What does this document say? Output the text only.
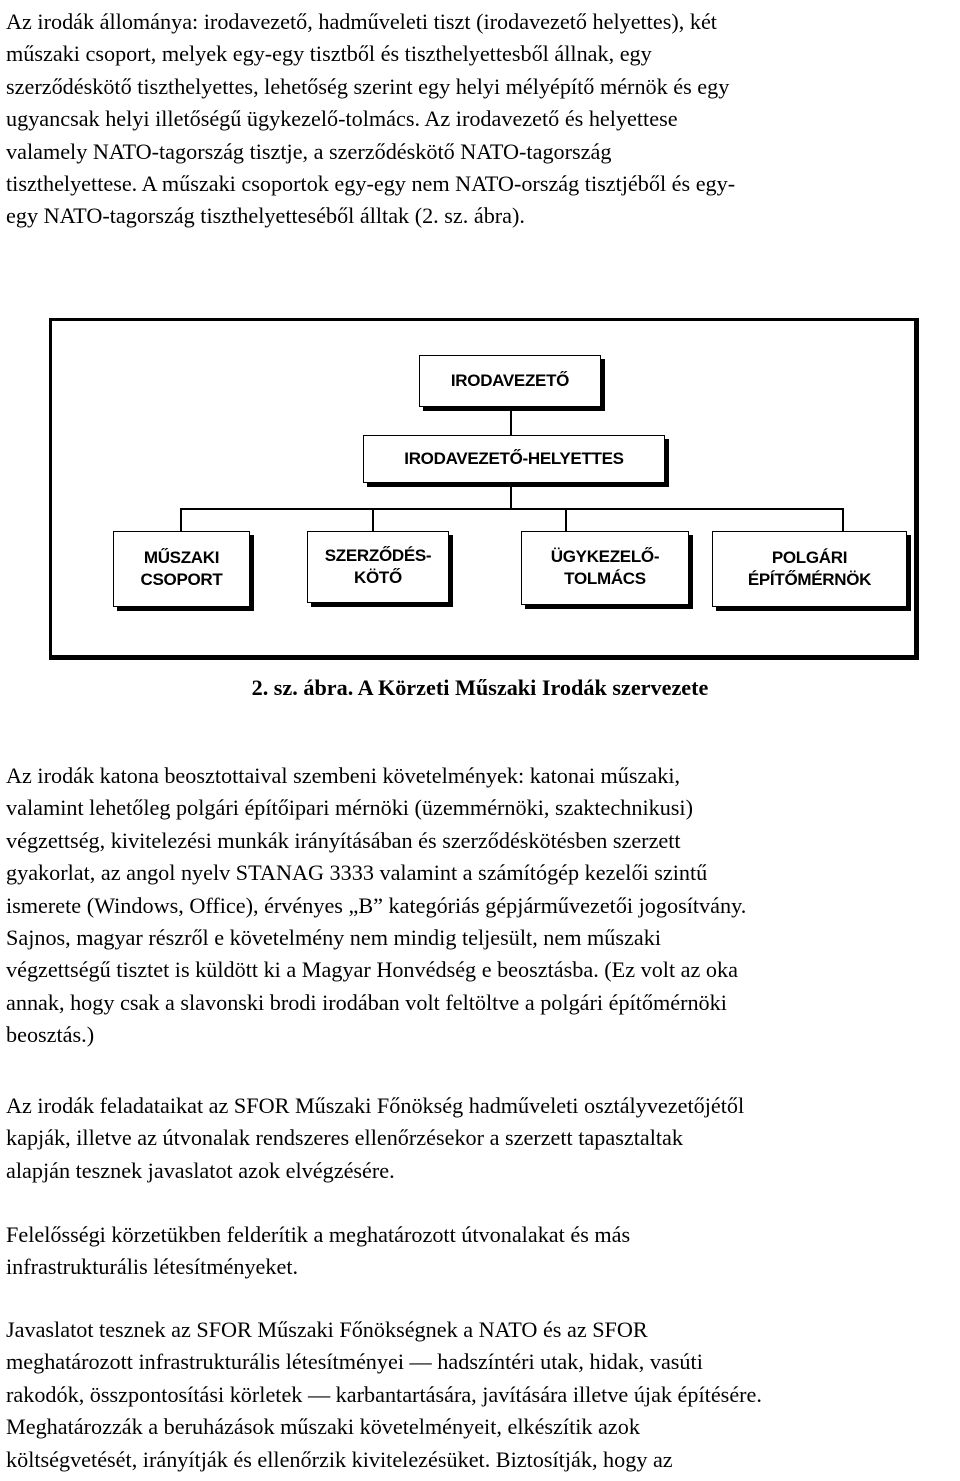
Az irodák állománya: irodavezető, hadműveleti tiszt (irodavezető helyettes), két
műszaki csoport, melyek egy-egy tisztből és tiszthelyettesből állnak, egy
szerződéskötő tiszthelyettes, lehetőség szerint egy helyi mélyépítő mérnök és egy
ugyancsak helyi illetőségű ügykezelő-tolmács. Az irodavezető és helyettese
valamely NATO-tagország tisztje, a szerződéskötő NATO-tagország
tiszthelyettese. A műszaki csoportok egy-egy nem NATO-ország tisztjéből és egy-
egy NATO-tagország tiszthelyetteséből álltak (2. sz. ábra).

IRODAVEZETŐ
IRODAVEZETŐ-HELYETTES
MŰSZAKI
CSOPORT
SZERZŐDÉS-
KÖTŐ
ÜGYKEZELŐ-
TOLMÁCS
POLGÁRI
ÉPÍTŐMÉRNÖK
2. sz. ábra. A Körzeti Műszaki Irodák szervezete

Az irodák katona beosztottaival szembeni követelmények: katonai műszaki,
valamint lehetőleg polgári építőipari mérnöki (üzemmérnöki, szaktechnikusi)
végzettség, kivitelezési munkák irányításában és szerződéskötésben szerzett
gyakorlat, az angol nyelv STANAG 3333 valamint a számítógép kezelői szintű
ismerete (Windows, Office), érvényes „B” kategóriás gépjárművezetői jogosítvány.
Sajnos, magyar részről e követelmény nem mindig teljesült, nem műszaki
végzettségű tisztet is küldött ki a Magyar Honvédség e beosztásba. (Ez volt az oka
annak, hogy csak a slavonski brodi irodában volt feltöltve a polgári építőmérnöki
beosztás.)

Az irodák feladataikat az SFOR Műszaki Főnökség hadműveleti osztályvezetőjétől
kapják, illetve az útvonalak rendszeres ellenőrzésekor a szerzett tapasztaltak
alapján tesznek javaslatot azok elvégzésére.

Felelősségi körzetükben felderítik a meghatározott útvonalakat és más
infrastrukturális létesítményeket.

Javaslatot tesznek az SFOR Műszaki Főnökségnek a NATO és az SFOR
meghatározott infrastrukturális létesítményei ― hadszíntéri utak, hidak, vasúti
rakodók, összpontosítási körletek ― karbantartására, javítására illetve újak építésére.
Meghatározzák a beruházások műszaki követelményeit, elkészítik azok
költségvetését, irányítják és ellenőrzik kivitelezésüket. Biztosítják, hogy az
